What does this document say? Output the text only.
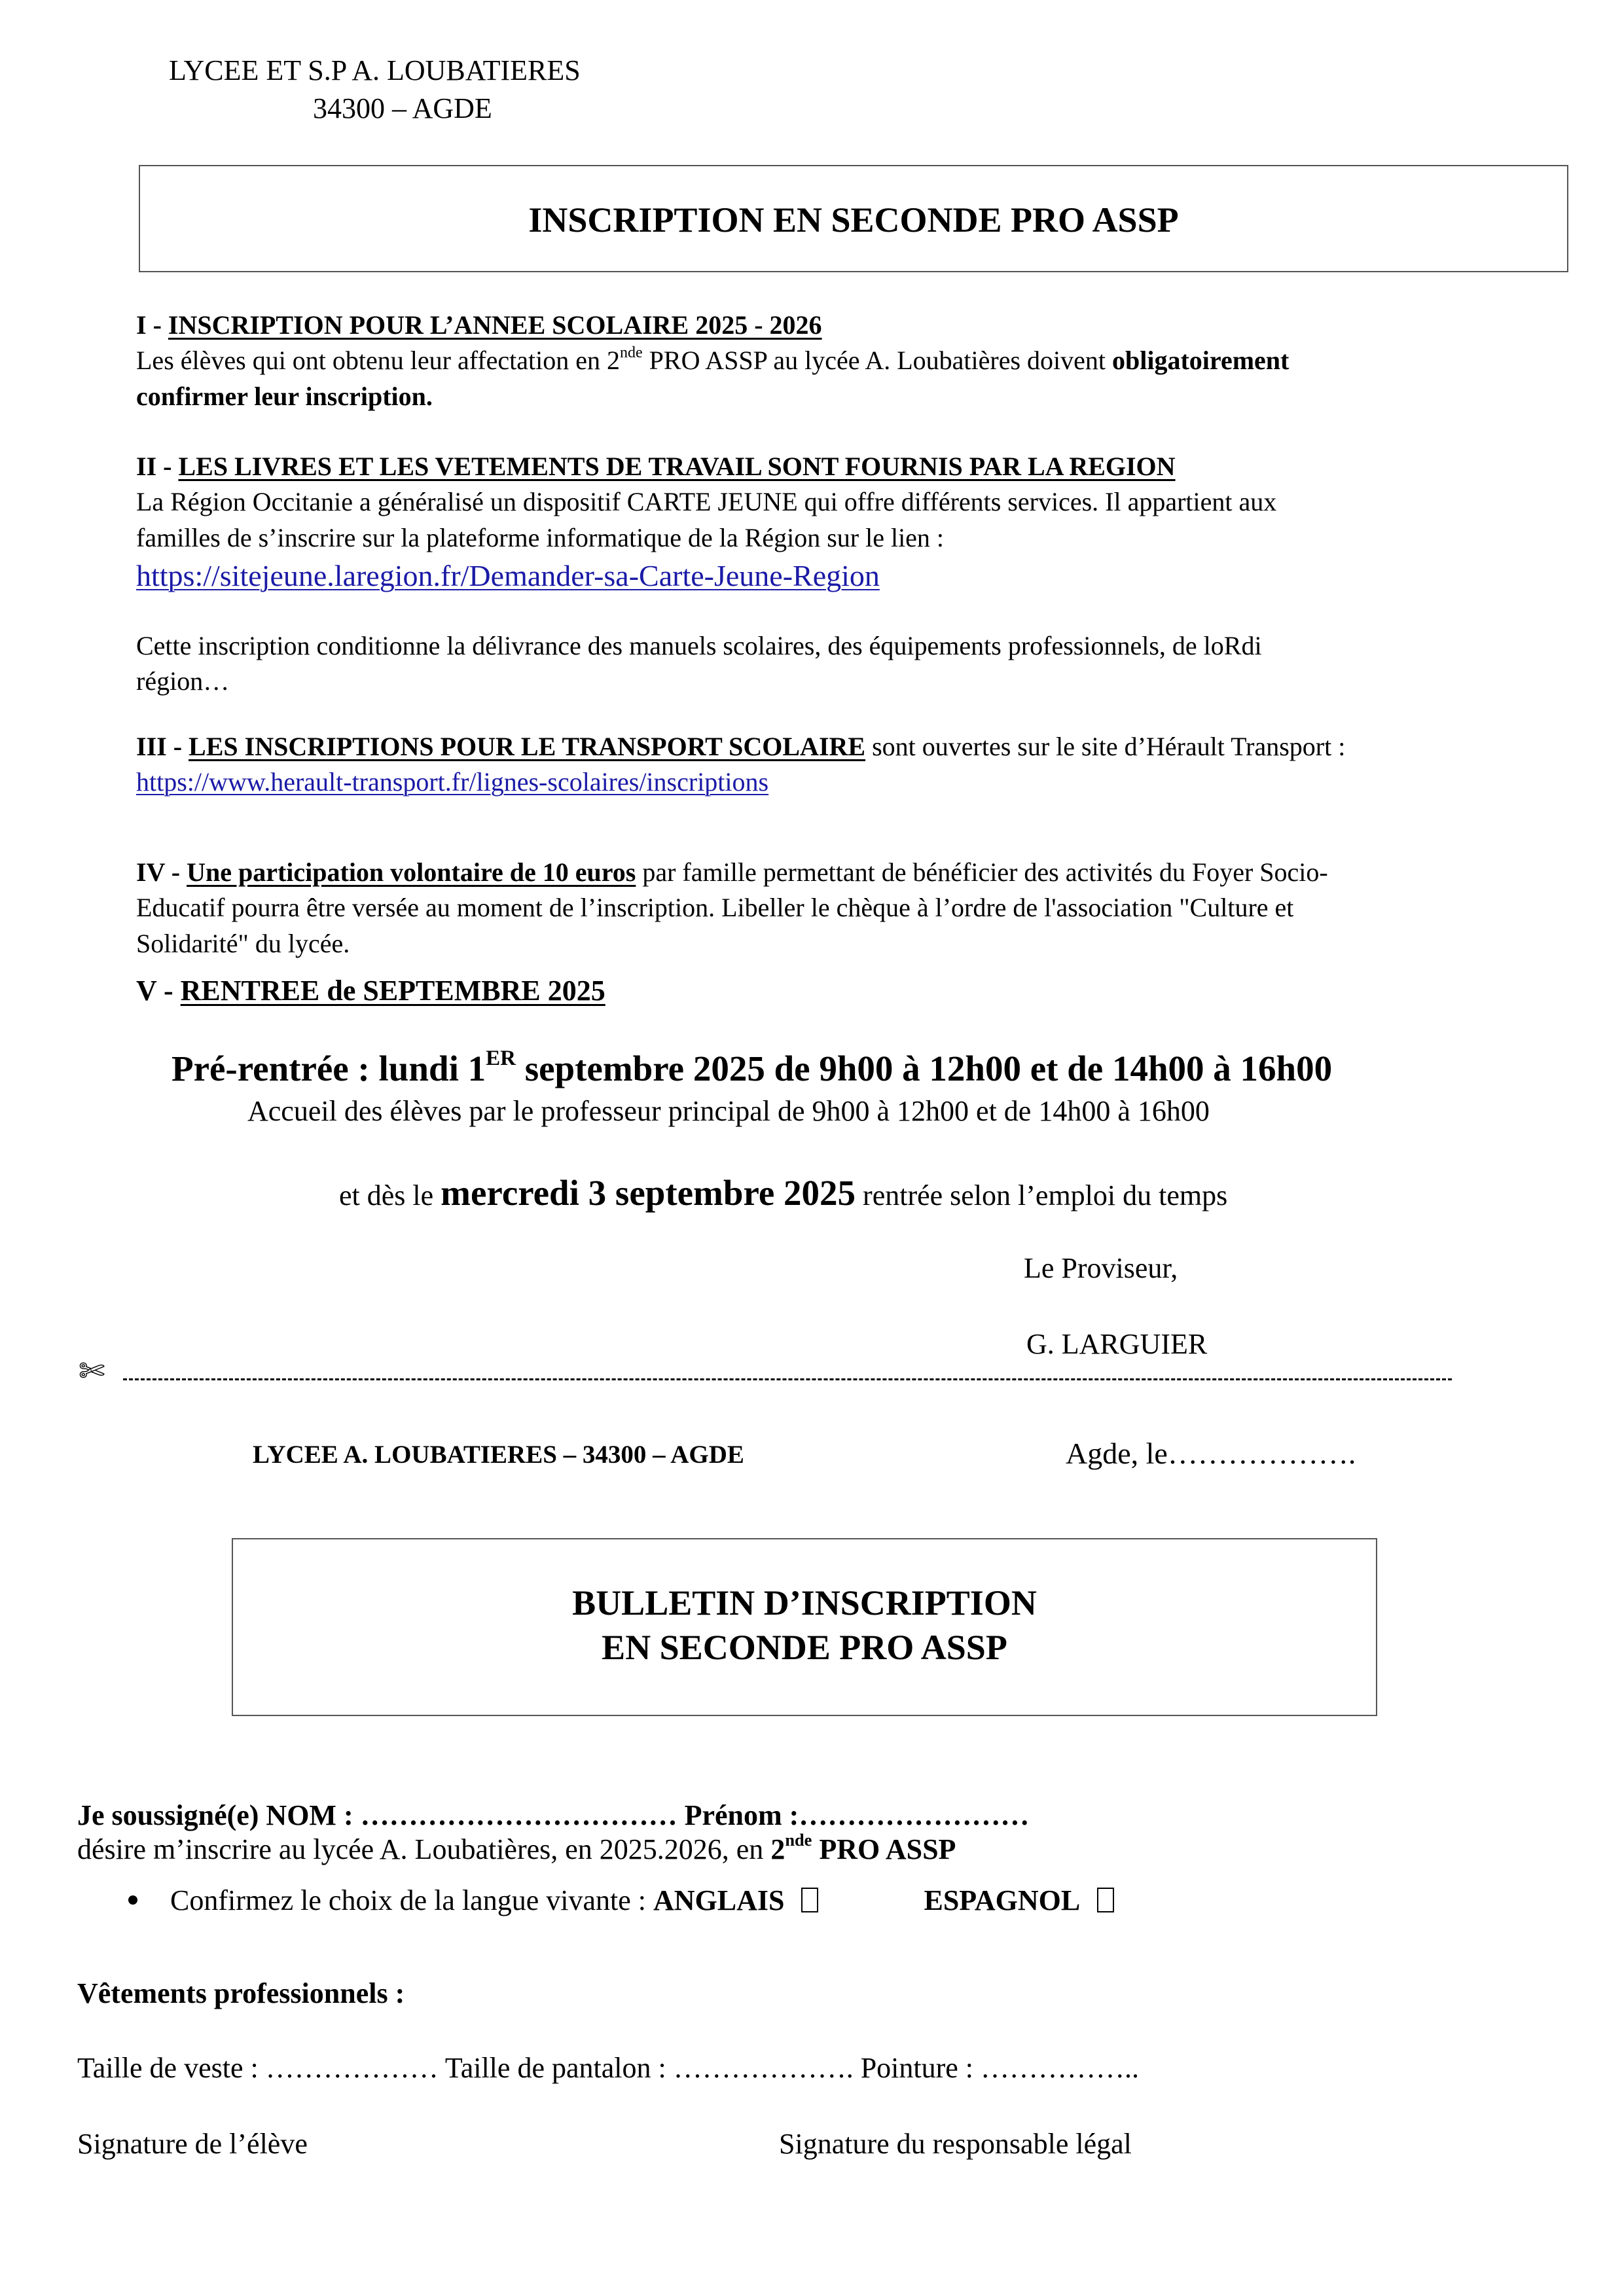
LYCEE ET S.P A. LOUBATIERES
34300 – AGDE
INSCRIPTION EN SECONDE PRO ASSP
I - INSCRIPTION POUR L’ANNEE SCOLAIRE 2025 - 2026
Les élèves qui ont obtenu leur affectation en 2nde PRO ASSP au lycée A. Loubatières doivent obligatoirement
confirmer leur inscription.
II - LES LIVRES ET LES VETEMENTS DE TRAVAIL SONT FOURNIS PAR LA REGION
La Région Occitanie a généralisé un dispositif CARTE JEUNE qui offre différents services. Il appartient aux
familles de s’inscrire sur la plateforme informatique de la Région sur le lien :
https://sitejeune.laregion.fr/Demander-sa-Carte-Jeune-Region
Cette inscription conditionne la délivrance des manuels scolaires, des équipements professionnels, de loRdi
région…
III - LES INSCRIPTIONS POUR LE TRANSPORT SCOLAIRE sont ouvertes sur le site d’Hérault Transport :
https://www.herault-transport.fr/lignes-scolaires/inscriptions
IV - Une participation volontaire de 10 euros par famille permettant de bénéficier des activités du Foyer Socio-
Educatif pourra être versée au moment de l’inscription. Libeller le chèque à l’ordre de l'association "Culture et
Solidarité" du lycée.
V - RENTREE de SEPTEMBRE 2025
Pré-rentrée : lundi 1ER septembre 2025 de 9h00 à 12h00 et de 14h00 à 16h00
Accueil des élèves par le professeur principal de 9h00 à 12h00 et de 14h00 à 16h00
et dès le mercredi 3 septembre 2025 rentrée selon l’emploi du temps
Le Proviseur,
G. LARGUIER
✄
LYCEE A. LOUBATIERES – 34300 – AGDE	Agde, le……………….
BULLETIN D’INSCRIPTION
EN SECONDE PRO ASSP
Je soussigné(e) NOM : …………………………… Prénom :……………………
désire m’inscrire au lycée A. Loubatières, en 2025.2026, en 2nde PRO ASSP
Confirmez le choix de la langue vivante : ANGLAIS	ESPAGNOL
Vêtements professionnels :
Taille de veste : ……………… Taille de pantalon : ………………. Pointure : ……………..
Signature de l’élève	Signature du responsable légal
